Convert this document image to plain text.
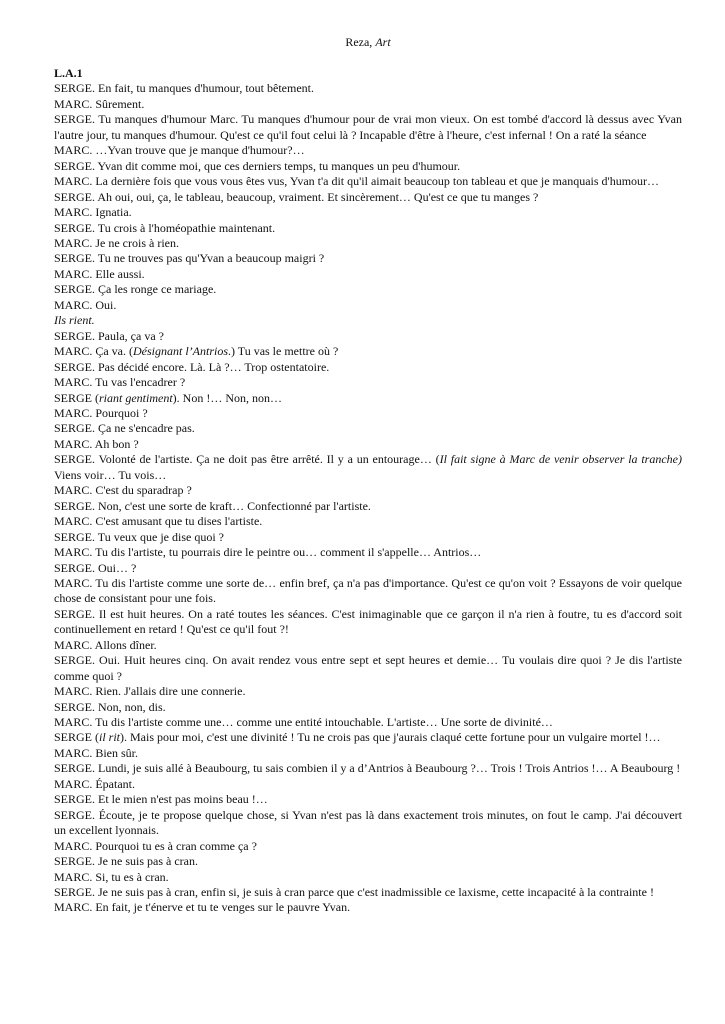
Reza, Art
L.A.1

SERGE. En fait, tu manques d'humour, tout bêtement.

MARC. Sûrement.

SERGE. Tu manques d'humour Marc. Tu manques d'humour pour de vrai mon vieux. On est tombé d'accord là dessus avec Yvan l'autre jour, tu manques d'humour. Qu'est ce qu'il fout celui là ? Incapable d'être à l'heure, c'est infernal ! On a raté la séance

MARC. …Yvan trouve que je manque d'humour?…

SERGE. Yvan dit comme moi, que ces derniers temps, tu manques un peu d'humour.

MARC. La dernière fois que vous vous êtes vus, Yvan t'a dit qu'il aimait beaucoup ton tableau et que je manquais d'humour…

SERGE. Ah oui, oui, ça, le tableau, beaucoup, vraiment. Et sincèrement… Qu'est ce que tu manges ?

MARC. Ignatia.

SERGE. Tu crois à l'homéopathie maintenant.

MARC. Je ne crois à rien.

SERGE. Tu ne trouves pas qu'Yvan a beaucoup maigri ?

MARC. Elle aussi.

SERGE. Ça les ronge ce mariage.

MARC. Oui.

Ils rient.

SERGE. Paula, ça va ?

MARC. Ça va. (Désignant l’Antrios.) Tu vas le mettre où ?

SERGE. Pas décidé encore. Là. Là ?… Trop ostentatoire.

MARC. Tu vas l'encadrer ?

SERGE (riant gentiment). Non !… Non, non…

MARC. Pourquoi ?

SERGE. Ça ne s'encadre pas.

MARC. Ah bon ?

SERGE. Volonté de l'artiste. Ça ne doit pas être arrêté. Il y a un entourage… (Il fait signe à Marc de venir observer la tranche) Viens voir… Tu vois…

MARC. C'est du sparadrap ?

SERGE. Non, c'est une sorte de kraft… Confectionné par l'artiste.

MARC. C'est amusant que tu dises l'artiste.

SERGE. Tu veux que je dise quoi ?

MARC. Tu dis l'artiste, tu pourrais dire le peintre ou… comment il s'appelle… Antrios…

SERGE. Oui… ?

MARC. Tu dis l'artiste comme une sorte de… enfin bref, ça n'a pas d'importance. Qu'est ce qu'on voit ? Essayons de voir quelque chose de consistant pour une fois.

SERGE. Il est huit heures. On a raté toutes les séances. C'est inimaginable que ce garçon il n'a rien à foutre, tu es d'accord soit continuellement en retard ! Qu'est ce qu'il fout ?!

MARC. Allons dîner.

SERGE. Oui. Huit heures cinq. On avait rendez vous entre sept et sept heures et demie… Tu voulais dire quoi ? Je dis l'artiste comme quoi ?

MARC. Rien. J'allais dire une connerie.

SERGE. Non, non, dis.

MARC. Tu dis l'artiste comme une… comme une entité intouchable. L'artiste… Une sorte de divinité…

SERGE (il rit). Mais pour moi, c'est une divinité ! Tu ne crois pas que j'aurais claqué cette fortune pour un vulgaire mortel !…

MARC. Bien sûr.

SERGE. Lundi, je suis allé à Beaubourg, tu sais combien il y a d’Antrios à Beaubourg ?… Trois ! Trois Antrios !… A Beaubourg !

MARC. Épatant.

SERGE. Et le mien n'est pas moins beau !…

SERGE. Écoute, je te propose quelque chose, si Yvan n'est pas là dans exactement trois minutes, on fout le camp. J'ai découvert un excellent lyonnais.

MARC. Pourquoi tu es à cran comme ça ?

SERGE. Je ne suis pas à cran.

MARC. Si, tu es à cran.

SERGE. Je ne suis pas à cran, enfin si, je suis à cran parce que c'est inadmissible ce laxisme, cette incapacité à la contrainte !

MARC. En fait, je t'énerve et tu te venges sur le pauvre Yvan.
